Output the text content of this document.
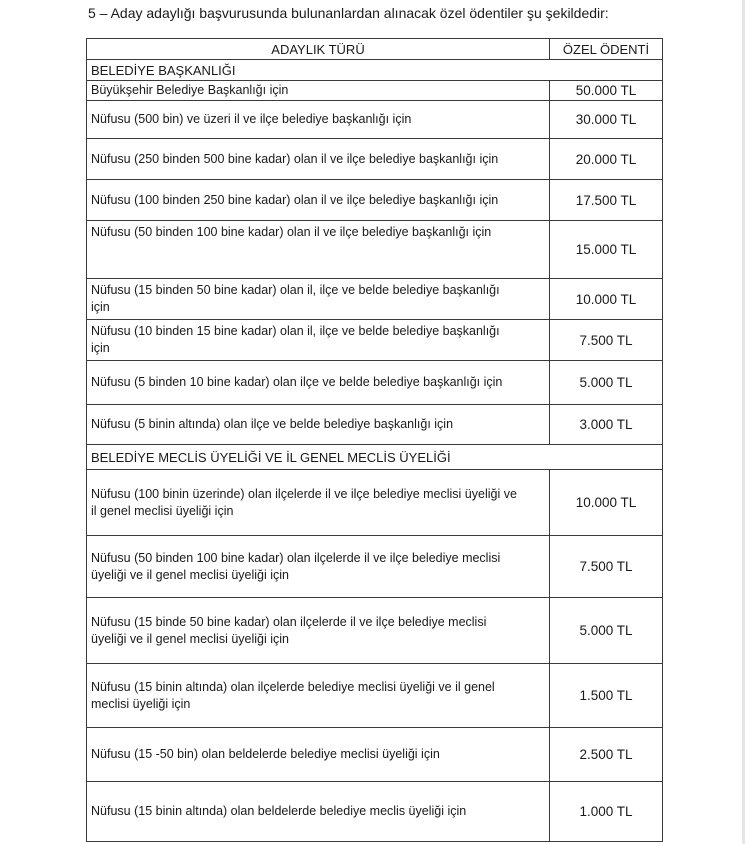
5 – Aday adaylığı başvurusunda bulunanlardan alınacak özel ödentiler şu şekildedir:
ADAYLIK TÜRÜ	ÖZEL ÖDENTİ
BELEDİYE BAŞKANLIĞI	
Büyükşehir Belediye Başkanlığı için	50.000 TL
Nüfusu (500 bin) ve üzeri il ve ilçe belediye başkanlığı için	30.000 TL
Nüfusu (250 binden 500 bine kadar) olan il ve ilçe belediye başkanlığı için	20.000 TL
Nüfusu (100 binden 250 bine kadar) olan il ve ilçe belediye başkanlığı için	17.500 TL
Nüfusu (50 binden 100 bine kadar) olan il ve ilçe belediye başkanlığı için	15.000 TL
Nüfusu (15 binden 50 bine kadar) olan il, ilçe ve belde belediye başkanlığı için	10.000 TL
Nüfusu (10 binden 15 bine kadar) olan il, ilçe ve belde belediye başkanlığı için	7.500 TL
Nüfusu (5 binden 10 bine kadar) olan ilçe ve belde belediye başkanlığı için	5.000 TL
Nüfusu (5 binin altında) olan ilçe ve belde belediye başkanlığı için	3.000 TL
BELEDİYE MECLİS ÜYELİĞİ VE İL GENEL MECLİS ÜYELİĞİ	
Nüfusu (100 binin üzerinde) olan ilçelerde il ve ilçe belediye meclisi üyeliği ve il genel meclisi üyeliği için	10.000 TL
Nüfusu (50 binden 100 bine kadar) olan ilçelerde il ve ilçe belediye meclisi üyeliği ve il genel meclisi üyeliği için	7.500 TL
Nüfusu (15 binde 50 bine kadar) olan ilçelerde il ve ilçe belediye meclisi üyeliği ve il genel meclisi üyeliği için	5.000 TL
Nüfusu (15 binin altında) olan ilçelerde belediye meclisi üyeliği ve il genel meclisi üyeliği için	1.500 TL
Nüfusu (15 -50 bin) olan beldelerde belediye meclisi üyeliği için	2.500 TL
Nüfusu (15 binin altında) olan beldelerde belediye meclis üyeliği için	1.000 TL
